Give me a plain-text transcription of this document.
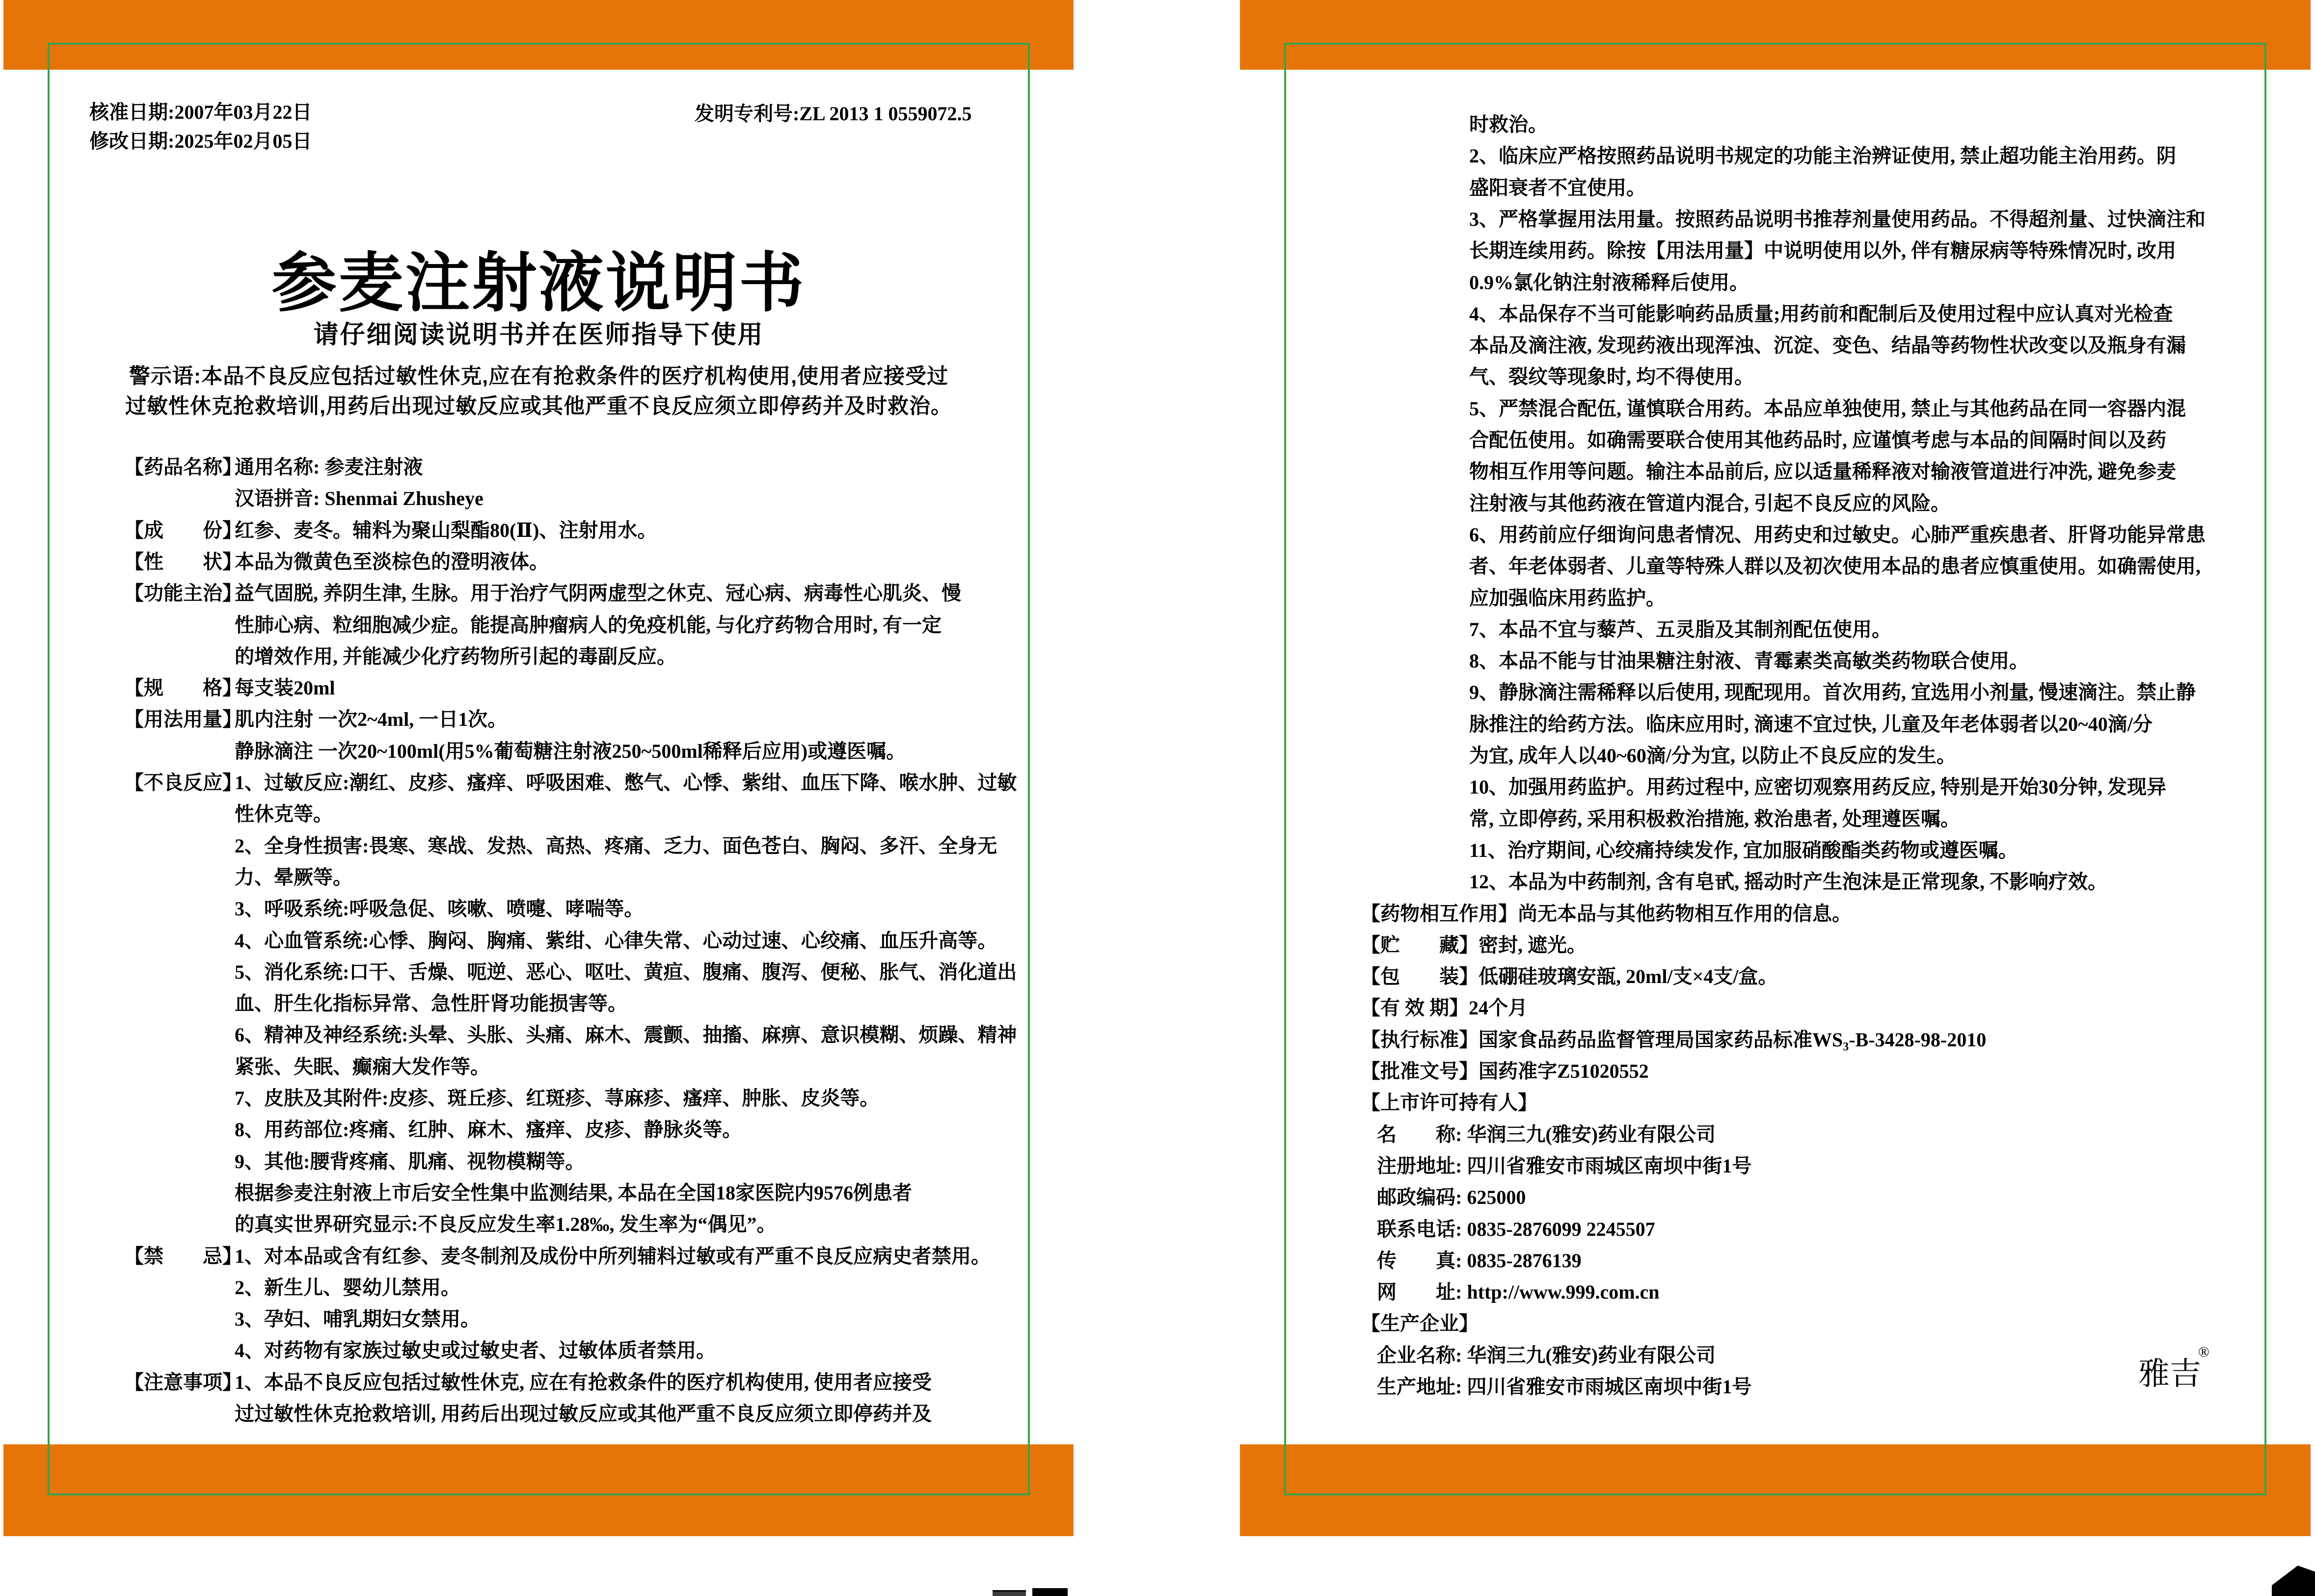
核准日期:2007年03月22日
修改日期:2025年02月05日
发明专利号:ZL 2013 1 0559072.5
参麦注射液说明书
请仔细阅读说明书并在医师指导下使用
警示语:本品不良反应包括过敏性休克,应在有抢救条件的医疗机构使用,使用者应接受过
过敏性休克抢救培训,用药后出现过敏反应或其他严重不良反应须立即停药并及时救治。
【药品名称】
通用名称: 参麦注射液
汉语拼音: Shenmai Zhusheye
【成　　份】
红参、麦冬。辅料为聚山梨酯80(Ⅱ)、注射用水。
【性　　状】
本品为微黄色至淡棕色的澄明液体。
【功能主治】
益气固脱, 养阴生津, 生脉。用于治疗气阴两虚型之休克、冠心病、病毒性心肌炎、慢
性肺心病、粒细胞减少症。能提高肿瘤病人的免疫机能, 与化疗药物合用时, 有一定
的增效作用, 并能减少化疗药物所引起的毒副反应。
【规　　格】
每支装20ml
【用法用量】
肌内注射 一次2~4ml, 一日1次。
静脉滴注 一次20~100ml(用5%葡萄糖注射液250~500ml稀释后应用)或遵医嘱。
【不良反应】
1、过敏反应:潮红、皮疹、瘙痒、呼吸困难、憋气、心悸、紫绀、血压下降、喉水肿、过敏
性休克等。
2、全身性损害:畏寒、寒战、发热、高热、疼痛、乏力、面色苍白、胸闷、多汗、全身无
力、晕厥等。
3、呼吸系统:呼吸急促、咳嗽、喷嚏、哮喘等。
4、心血管系统:心悸、胸闷、胸痛、紫绀、心律失常、心动过速、心绞痛、血压升高等。
5、消化系统:口干、舌燥、呃逆、恶心、呕吐、黄疸、腹痛、腹泻、便秘、胀气、消化道出
血、肝生化指标异常、急性肝肾功能损害等。
6、精神及神经系统:头晕、头胀、头痛、麻木、震颤、抽搐、麻痹、意识模糊、烦躁、精神
紧张、失眠、癫痫大发作等。
7、皮肤及其附件:皮疹、斑丘疹、红斑疹、荨麻疹、瘙痒、肿胀、皮炎等。
8、用药部位:疼痛、红肿、麻木、瘙痒、皮疹、静脉炎等。
9、其他:腰背疼痛、肌痛、视物模糊等。
根据参麦注射液上市后安全性集中监测结果, 本品在全国18家医院内9576例患者
的真实世界研究显示:不良反应发生率1.28‰, 发生率为“偶见”。
【禁　　忌】
1、对本品或含有红参、麦冬制剂及成份中所列辅料过敏或有严重不良反应病史者禁用。
2、新生儿、婴幼儿禁用。
3、孕妇、哺乳期妇女禁用。
4、对药物有家族过敏史或过敏史者、过敏体质者禁用。
【注意事项】
1、本品不良反应包括过敏性休克, 应在有抢救条件的医疗机构使用, 使用者应接受
过过敏性休克抢救培训, 用药后出现过敏反应或其他严重不良反应须立即停药并及
时救治。
2、临床应严格按照药品说明书规定的功能主治辨证使用, 禁止超功能主治用药。阴
盛阳衰者不宜使用。
3、严格掌握用法用量。按照药品说明书推荐剂量使用药品。不得超剂量、过快滴注和
长期连续用药。除按【用法用量】中说明使用以外, 伴有糖尿病等特殊情况时, 改用
0.9%氯化钠注射液稀释后使用。
4、本品保存不当可能影响药品质量;用药前和配制后及使用过程中应认真对光检查
本品及滴注液, 发现药液出现浑浊、沉淀、变色、结晶等药物性状改变以及瓶身有漏
气、裂纹等现象时, 均不得使用。
5、严禁混合配伍, 谨慎联合用药。本品应单独使用, 禁止与其他药品在同一容器内混
合配伍使用。如确需要联合使用其他药品时, 应谨慎考虑与本品的间隔时间以及药
物相互作用等问题。输注本品前后, 应以适量稀释液对输液管道进行冲洗, 避免参麦
注射液与其他药液在管道内混合, 引起不良反应的风险。
6、用药前应仔细询问患者情况、用药史和过敏史。心肺严重疾患者、肝肾功能异常患
者、年老体弱者、儿童等特殊人群以及初次使用本品的患者应慎重使用。如确需使用,
应加强临床用药监护。
7、本品不宜与藜芦、五灵脂及其制剂配伍使用。
8、本品不能与甘油果糖注射液、青霉素类高敏类药物联合使用。
9、静脉滴注需稀释以后使用, 现配现用。首次用药, 宜选用小剂量, 慢速滴注。禁止静
脉推注的给药方法。临床应用时, 滴速不宜过快, 儿童及年老体弱者以20~40滴/分
为宜, 成年人以40~60滴/分为宜, 以防止不良反应的发生。
10、加强用药监护。用药过程中, 应密切观察用药反应, 特别是开始30分钟, 发现异
常, 立即停药, 采用积极救治措施, 救治患者, 处理遵医嘱。
11、治疗期间, 心绞痛持续发作, 宜加服硝酸酯类药物或遵医嘱。
12、本品为中药制剂, 含有皂甙, 摇动时产生泡沫是正常现象, 不影响疗效。
【药物相互作用】尚无本品与其他药物相互作用的信息。
【贮　　藏】密封, 遮光。
【包　　装】低硼硅玻璃安瓿, 20ml/支×4支/盒。
【有 效 期】24个月
【执行标准】国家食品药品监督管理局国家药品标准WS₃-B-3428-98-2010
【批准文号】国药准字Z51020552
【上市许可持有人】
名　　称: 华润三九(雅安)药业有限公司
注册地址: 四川省雅安市雨城区南坝中街1号
邮政编码: 625000
联系电话: 0835-2876099 2245507
传　　真: 0835-2876139
网　　址: http://www.999.com.cn
【生产企业】
企业名称: 华润三九(雅安)药业有限公司
生产地址: 四川省雅安市雨城区南坝中街1号	雅吉
®
